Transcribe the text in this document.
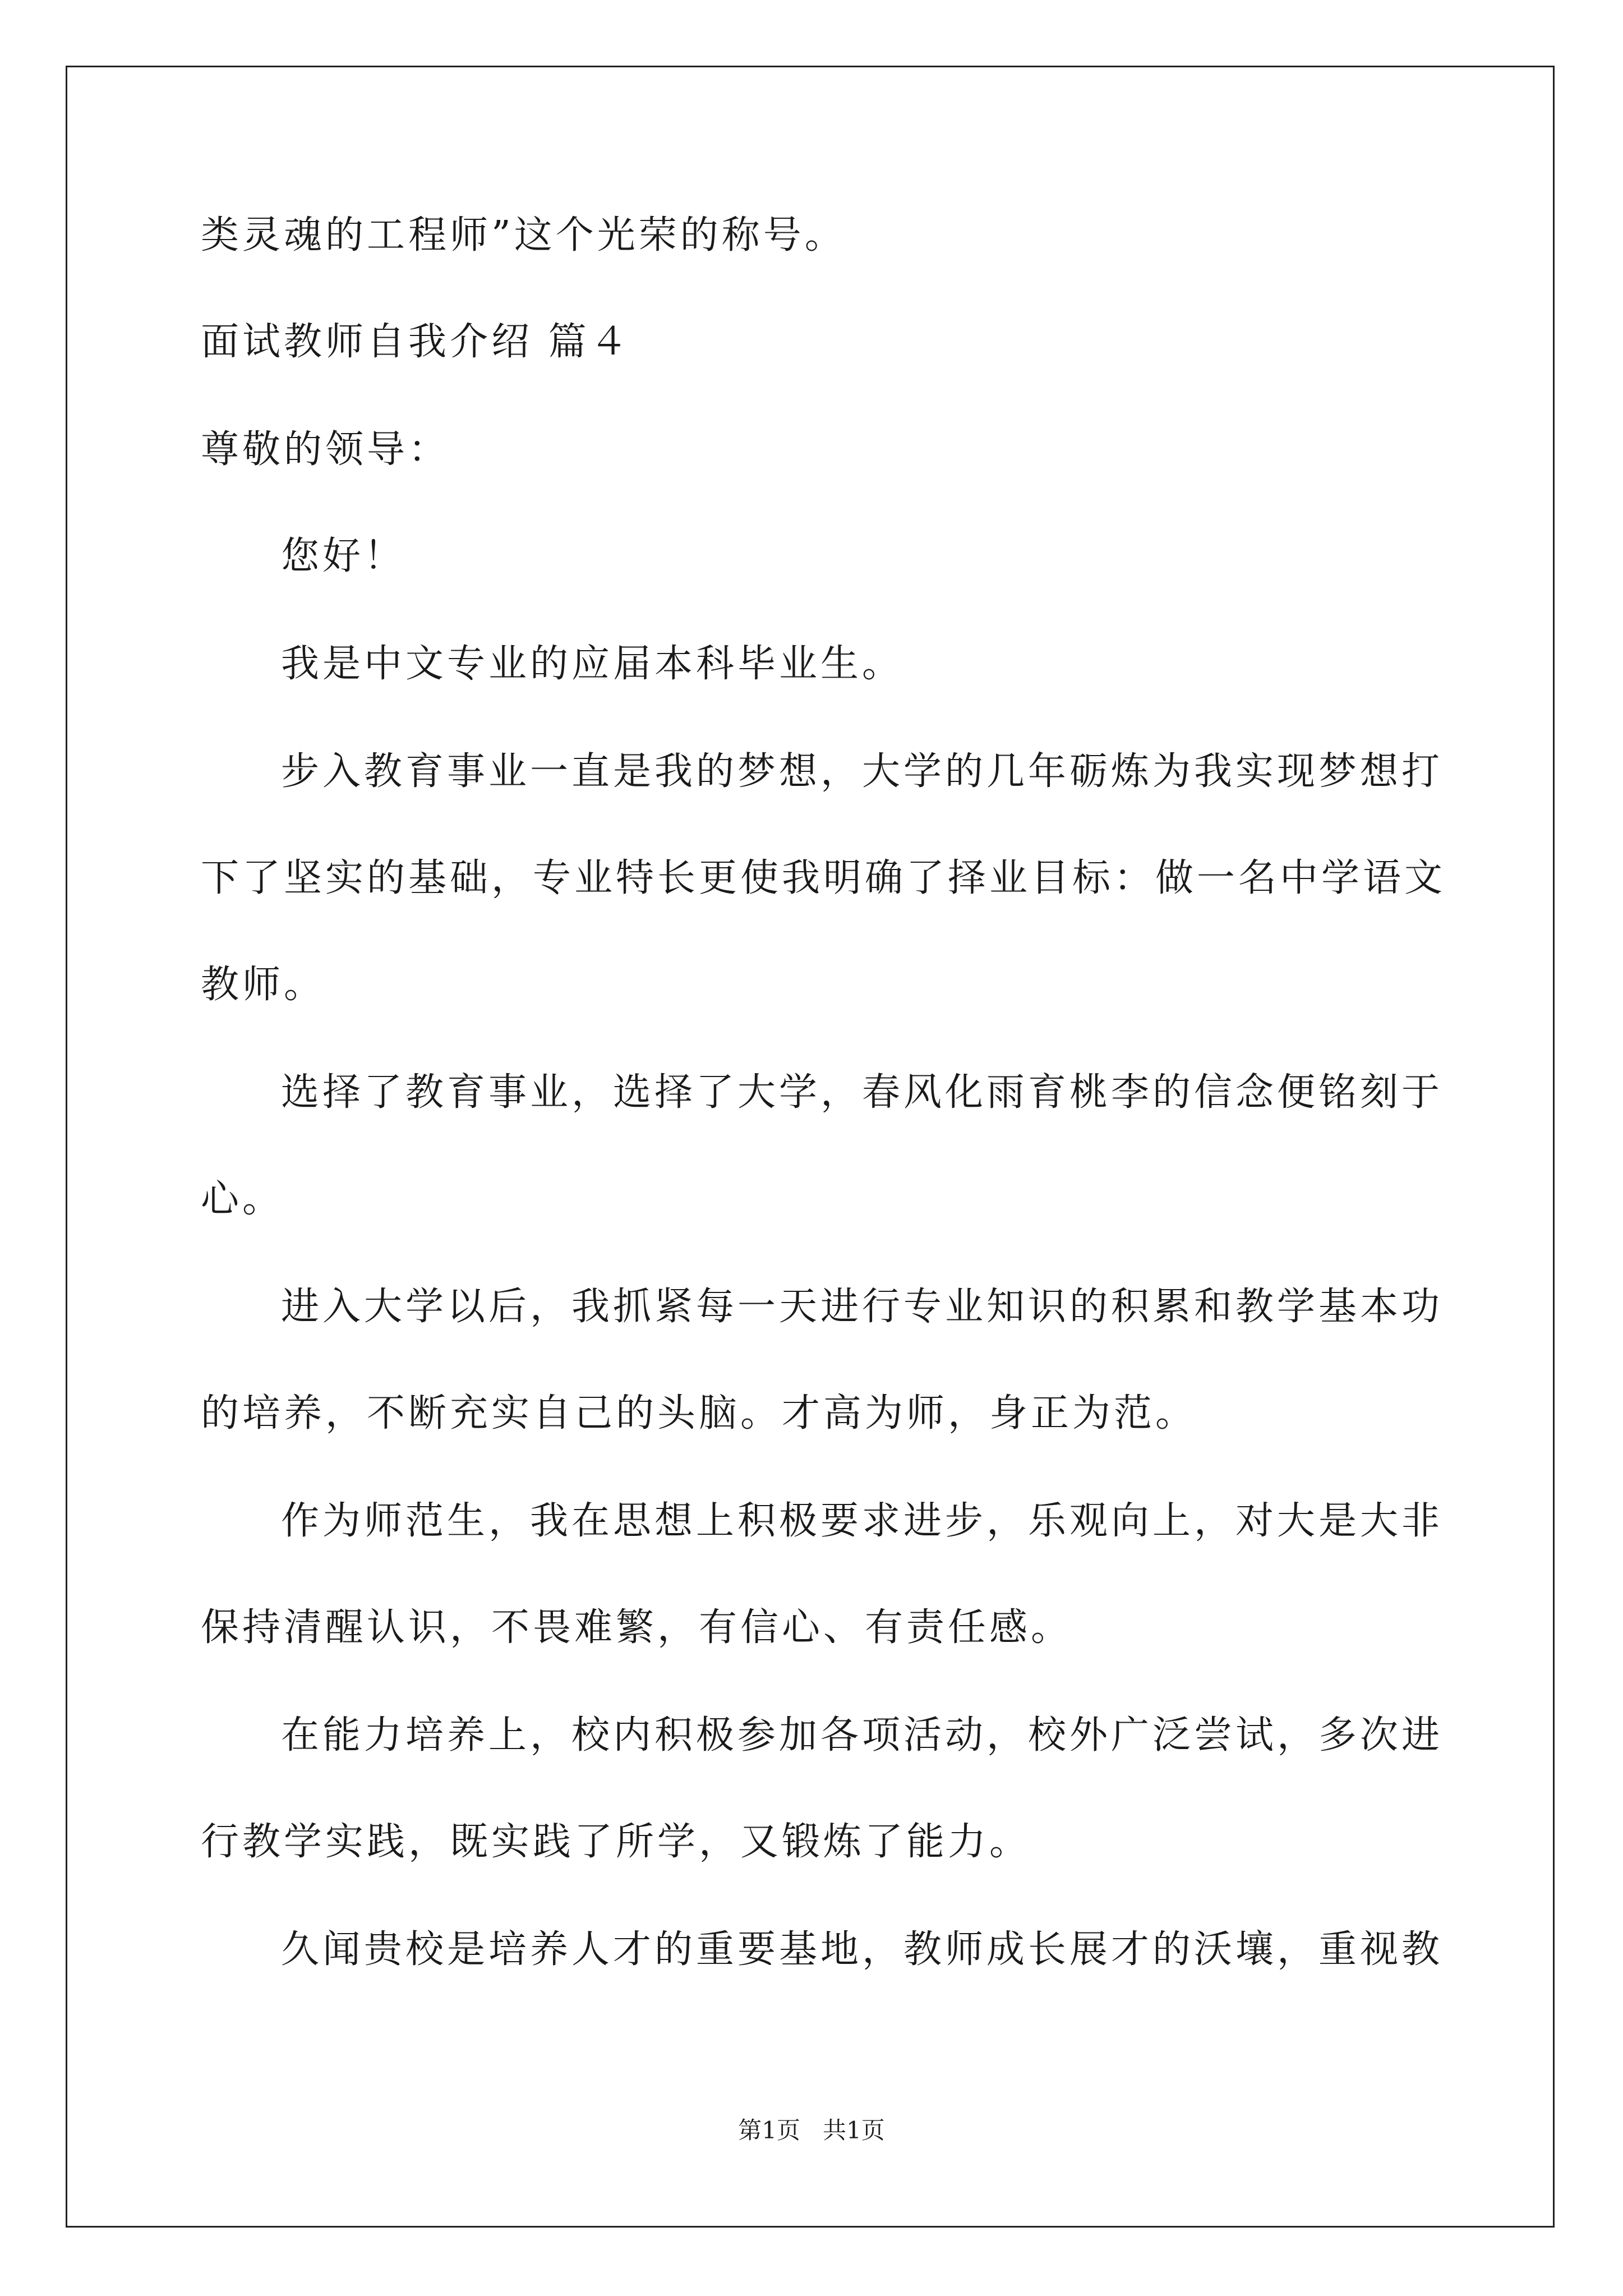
类灵魂的工程师”这个光荣的称号。
面试教师自我介绍 篇４
尊敬的领导：
您好！
我是中文专业的应届本科毕业生。
步入教育事业一直是我的梦想，大学的几年砺炼为我实现梦想打
下了坚实的基础，专业特长更使我明确了择业目标：做一名中学语文
教师。
选择了教育事业，选择了大学，春风化雨育桃李的信念便铭刻于
心。
进入大学以后，我抓紧每一天进行专业知识的积累和教学基本功
的培养，不断充实自己的头脑。才高为师，身正为范。
作为师范生，我在思想上积极要求进步，乐观向上，对大是大非
保持清醒认识，不畏难繁，有信心、有责任感。
在能力培养上，校内积极参加各项活动，校外广泛尝试，多次进
行教学实践，既实践了所学，又锻炼了能力。
久闻贵校是培养人才的重要基地，教师成长展才的沃壤，重视教
第1页   共1页
